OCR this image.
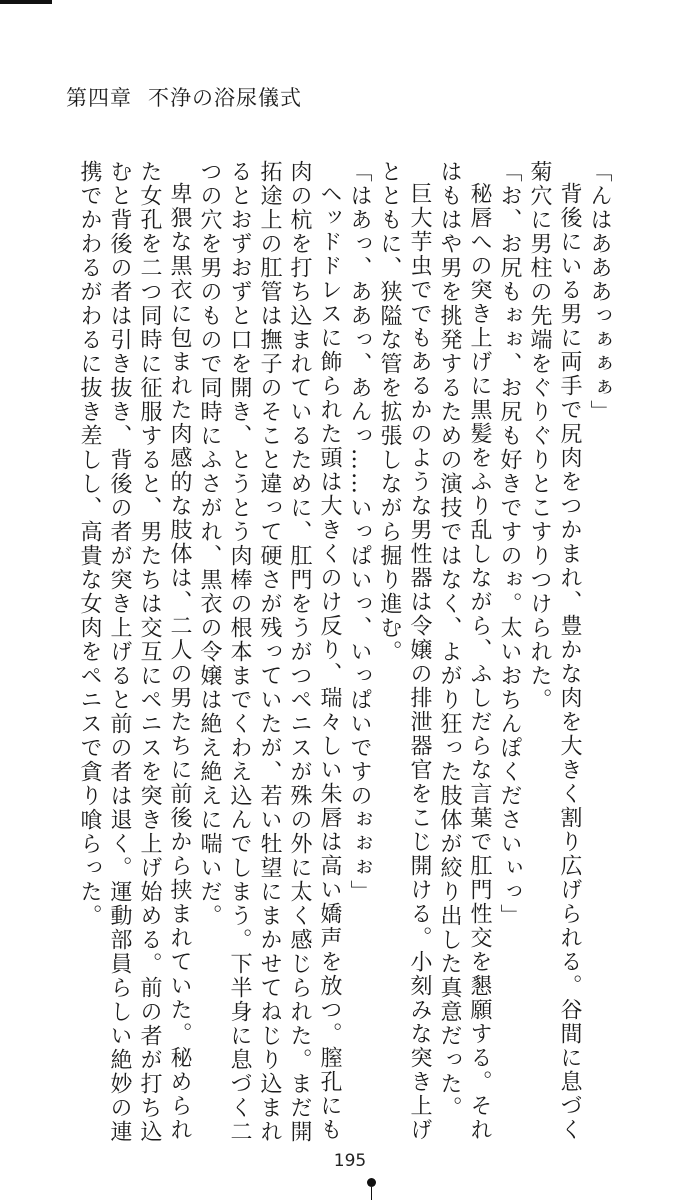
第四章 不浄の浴尿儀式

「んはあああっぁぁぁ」

背後にいる男に両手で尻肉をつかまれ、豊かな肉を大きく割り広げられる。谷間に息づく菊穴に男柱の先端をぐりぐりとこすりつけられた。

「お、お尻もぉぉ、お尻も好きですのぉ。太いおちんぽくださいぃっ」

秘唇への突き上げに黒髪をふり乱しながら、ふしだらな言葉で肛門性交を懇願する。それはもはや男を挑発するための演技ではなく、よがり狂った肢体が絞り出した真意だった。

巨大芋虫ででもあるかのような男性器は令嬢の排泄器官をこじ開ける。小刻みな突き上げとともに、狭隘な管を拡張しながら掘り進む。

「はあっ、ああっ、あんっ……いっぱいっ、いっぱいですのぉぉぉ」

ヘッドドレスに飾られた頭は大きくのけ反り、瑞々しい朱唇は高い嬌声を放つ。膣孔にも肉の杭を打ち込まれているために、肛門をうがつペニスが殊の外に太く感じられた。まだ開拓途上の肛管は撫子のそこと違って硬さが残っていたが、若い牡望にまかせてねじり込まれるとおずおずと口を開き、とうとう肉棒の根本までくわえ込んでしまう。下半身に息づく二つの穴を男のもので同時にふさがれ、黒衣の令嬢は絶え絶えに喘いだ。

卑猥な黒衣に包まれた肉感的な肢体は、二人の男たちに前後から挟まれていた。秘められた女孔を二つ同時に征服すると、男たちは交互にペニスを突き上げ始める。前の者が打ち込むと背後の者は引き抜き、背後の者が突き上げると前の者は退く。運動部員らしい絶妙の連携でかわるがわるに抜き差しし、高貴な女肉をペニスで貪り喰らった。

195
